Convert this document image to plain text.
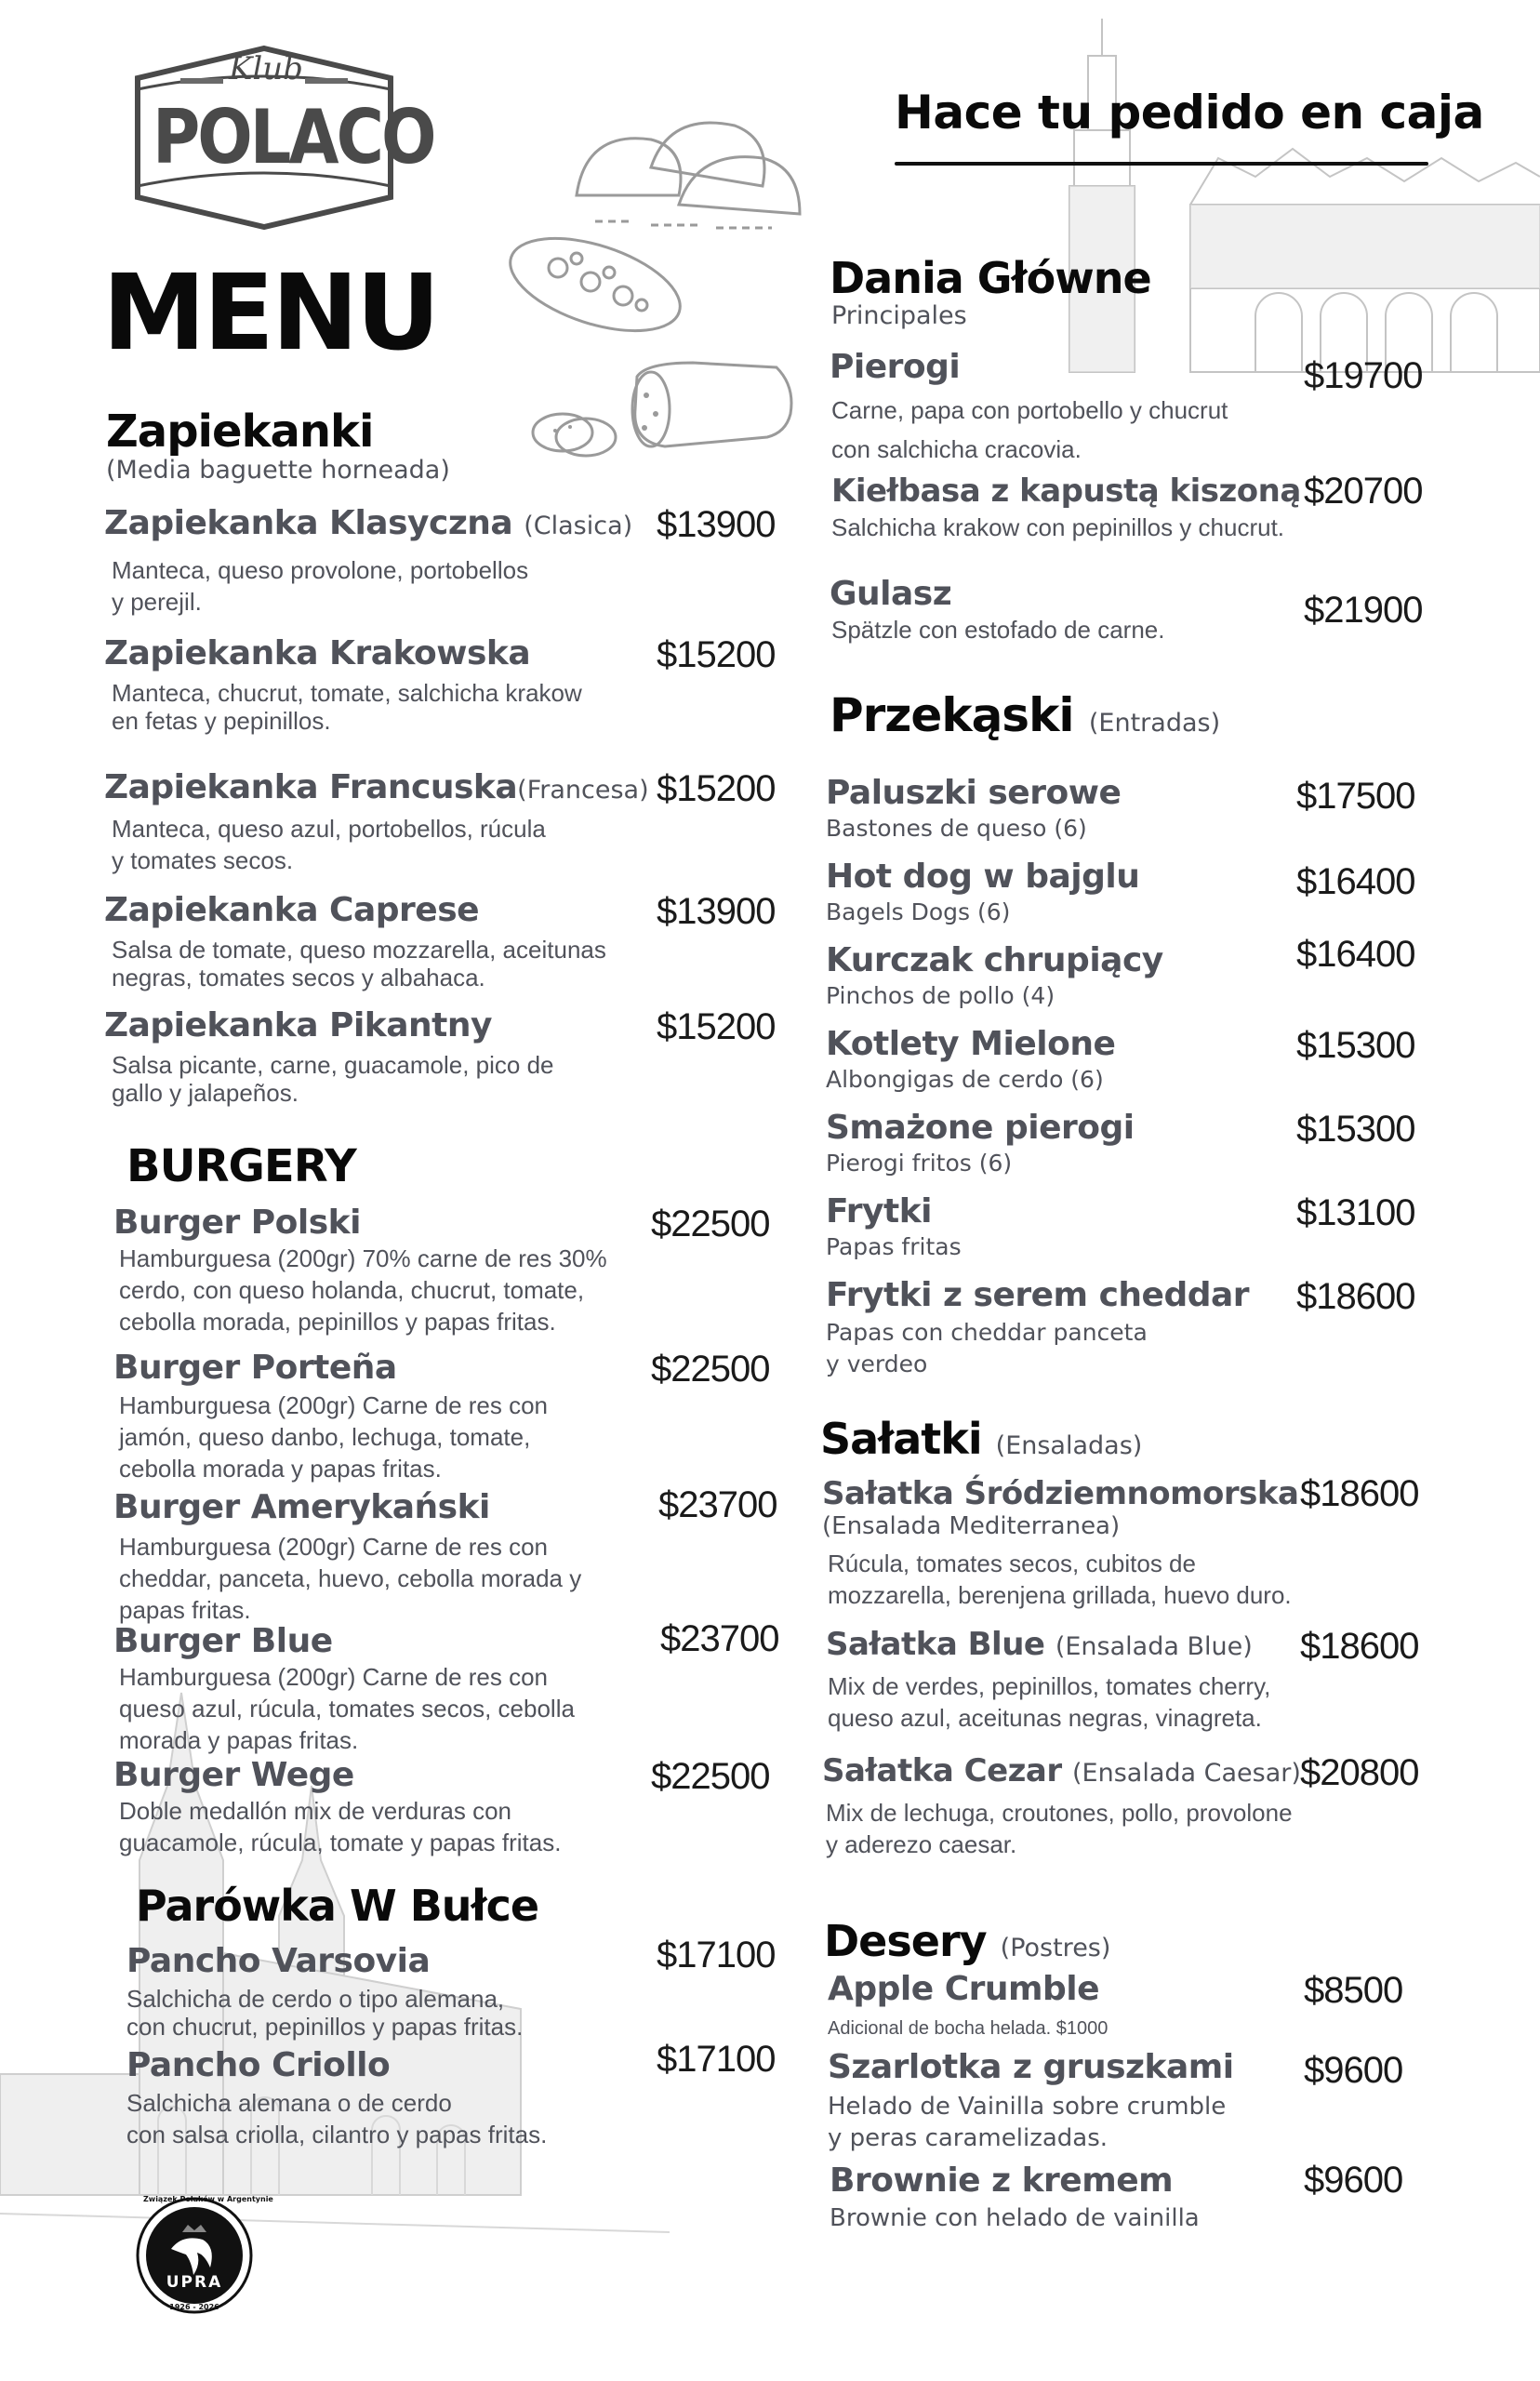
Klub
POLACO
MENU
Hace tu pedido en caja
Zapiekanki
(Media baguette horneada)
Zapiekanka Klasyczna (Clasica) $13900
Manteca, queso provolone, portobellos
y perejil.
Zapiekanka Krakowska	$15200
Manteca, chucrut, tomate, salchicha krakow
en fetas y pepinillos.
Zapiekanka Francuska(Francesa) $15200
Manteca, queso azul, portobellos, rúcula
y tomates secos.
Zapiekanka Caprese	$13900
Salsa de tomate, queso mozzarella, aceitunas
negras, tomates secos y albahaca.
Zapiekanka Pikantny	$15200
Salsa picante, carne, guacamole, pico de
gallo y jalapeños.
BURGERY
Burger Polski	$22500
Hamburguesa (200gr) 70% carne de res 30%
cerdo, con queso holanda, chucrut, tomate,
cebolla morada, pepinillos y papas fritas.
Burger Porteña	$22500
Hamburguesa (200gr) Carne de res con
jamón, queso danbo, lechuga, tomate,
cebolla morada y papas fritas.
Burger Amerykański	$23700
Hamburguesa (200gr) Carne de res con
cheddar, panceta, huevo, cebolla morada y
papas fritas.
Burger Blue	$23700
Hamburguesa (200gr) Carne de res con
queso azul, rúcula, tomates secos, cebolla
morada y papas fritas.
Burger Wege	$22500
Doble medallón mix de verduras con
guacamole, rúcula, tomate y papas fritas.
Parówka W Bułce
Pancho Varsovia	$17100
Salchicha de cerdo o tipo alemana,
con chucrut, pepinillos y papas fritas.
Pancho Criollo	$17100
Salchicha alemana o de cerdo
con salsa criolla, cilantro y papas fritas.
Związek Polaków w Argentynie
UPRA
1926 - 2026
Dania Główne
Principales
Pierogi	$19700
Carne, papa con portobello y chucrut
con salchicha cracovia.
Kiełbasa z kapustą kiszoną $20700
Salchicha krakow con pepinillos y chucrut.
Gulasz	$21900
Spätzle con estofado de carne.
Przekąski (Entradas)
Paluszki serowe	$17500
Bastones de queso (6)
Hot dog w bajglu	$16400
Bagels Dogs (6)
Kurczak chrupiący	$16400
Pinchos de pollo (4)
Kotlety Mielone	$15300
Albongigas de cerdo (6)
Smażone pierogi	$15300
Pierogi fritos (6)
Frytki	$13100
Papas fritas
Frytki z serem cheddar $18600
Papas con cheddar panceta
y verdeo
Sałatki (Ensaladas)
Sałatka Śródziemnomorska $18600
(Ensalada Mediterranea)
Rúcula, tomates secos, cubitos de
mozzarella, berenjena grillada, huevo duro.
Sałatka Blue (Ensalada Blue) $18600
Mix de verdes, pepinillos, tomates cherry,
queso azul, aceitunas negras, vinagreta.
Sałatka Cezar (Ensalada Caesar) $20800
Mix de lechuga, croutones, pollo, provolone
y aderezo caesar.
Desery (Postres)
Apple Crumble	$8500
Adicional de bocha helada. $1000
Szarlotka z gruszkami $9600
Helado de Vainilla sobre crumble
y peras caramelizadas.
Brownie z kremem	$9600
Brownie con helado de vainilla
